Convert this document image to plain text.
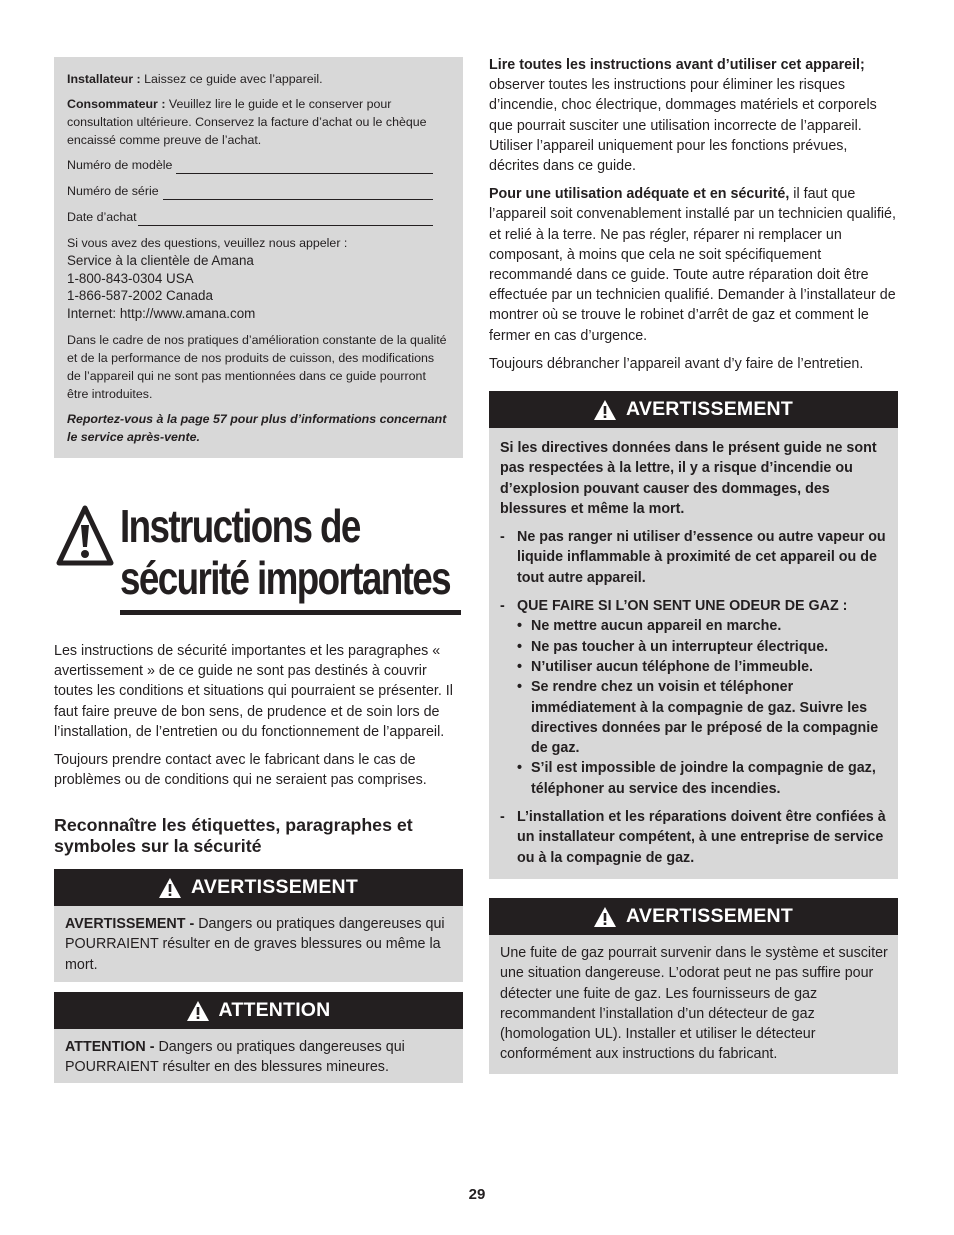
Installateur : Laissez ce guide avec l’appareil.

Consommateur : Veuillez lire le guide et le conserver pour consultation ultérieure. Conservez la facture d’achat ou le chèque encaissé comme preuve de l’achat.

Numéro de modèle
Numéro de série
Date d’achat
Si vous avez des questions, veuillez nous appeler :
Service à la clientèle de Amana
1-800-843-0304 USA
1-866-587-2002 Canada
Internet: http://www.amana.com

Dans le cadre de nos pratiques d’amélioration constante de la qualité et de la performance de nos produits de cuisson, des modifications de l’appareil qui ne sont pas mentionnées dans ce guide pourront être introduites.

Reportez-vous à la page 57 pour plus d’informations concernant le service après-vente.

Instructions de
sécurité importantes

Les instructions de sécurité importantes et les paragraphes « avertissement » de ce guide ne sont pas destinés à couvrir toutes les conditions et situations qui pourraient se présenter. Il faut faire preuve de bon sens, de prudence et de soin lors de l’installation, de l’entretien ou du fonctionnement de l’appareil.

Toujours prendre contact avec le fabricant dans le cas de problèmes ou de conditions qui ne seraient pas comprises.

Reconnaître les étiquettes, paragraphes et symboles sur la sécurité
AVERTISSEMENT
AVERTISSEMENT - Dangers ou pratiques dangereuses qui POURRAIENT résulter en de graves blessures ou même la mort.
ATTENTION
ATTENTION - Dangers ou pratiques dangereuses qui POURRAIENT résulter en des blessures mineures.

Lire toutes les instructions avant d’utiliser cet appareil; observer toutes les instructions pour éliminer les risques d’incendie, choc électrique, dommages matériels et corporels que pourrait susciter une utilisation incorrecte de l’appareil. Utiliser l’appareil uniquement pour les fonctions prévues, décrites dans ce guide.

Pour une utilisation adéquate et en sécurité, il faut que l’appareil soit convenablement installé par un technicien qualifié, et relié à la terre. Ne pas régler, réparer ni remplacer un composant, à moins que cela ne soit spécifiquement recommandé dans ce guide. Toute autre réparation doit être effectuée par un technicien qualifié. Demander à l’installateur de montrer où se trouve le robinet d’arrêt de gaz et comment le fermer en cas d’urgence.

Toujours débrancher l’appareil avant d’y faire de l’entretien.

AVERTISSEMENT

Si les directives données dans le présent guide ne sont pas respectées à la lettre, il y a risque d’incendie ou d’explosion pouvant causer des dommages, des blessures et même la mort.

- Ne pas ranger ni utiliser d’essence ou autre vapeur ou liquide inflammable à proximité de cet appareil ou de tout autre appareil.
- QUE FAIRE SI L’ON SENT UNE ODEUR DE GAZ :
• Ne mettre aucun appareil en marche.
• Ne pas toucher à un interrupteur électrique.
• N’utiliser aucun téléphone de l’immeuble.
• Se rendre chez un voisin et téléphoner immédiatement à la compagnie de gaz. Suivre les directives données par le préposé de la compagnie de gaz.
• S’il est impossible de joindre la compagnie de gaz, téléphoner au service des incendies.
- L’installation et les réparations doivent être confiées à un installateur compétent, à une entreprise de service ou à la compagnie de gaz.
AVERTISSEMENT
Une fuite de gaz pourrait survenir dans le système et susciter une situation dangereuse. L’odorat peut ne pas suffire pour détecter une fuite de gaz. Les fournisseurs de gaz recommandent l’installation d’un détecteur de gaz (homologation UL). Installer et utiliser le détecteur conformément aux instructions du fabricant.
29
